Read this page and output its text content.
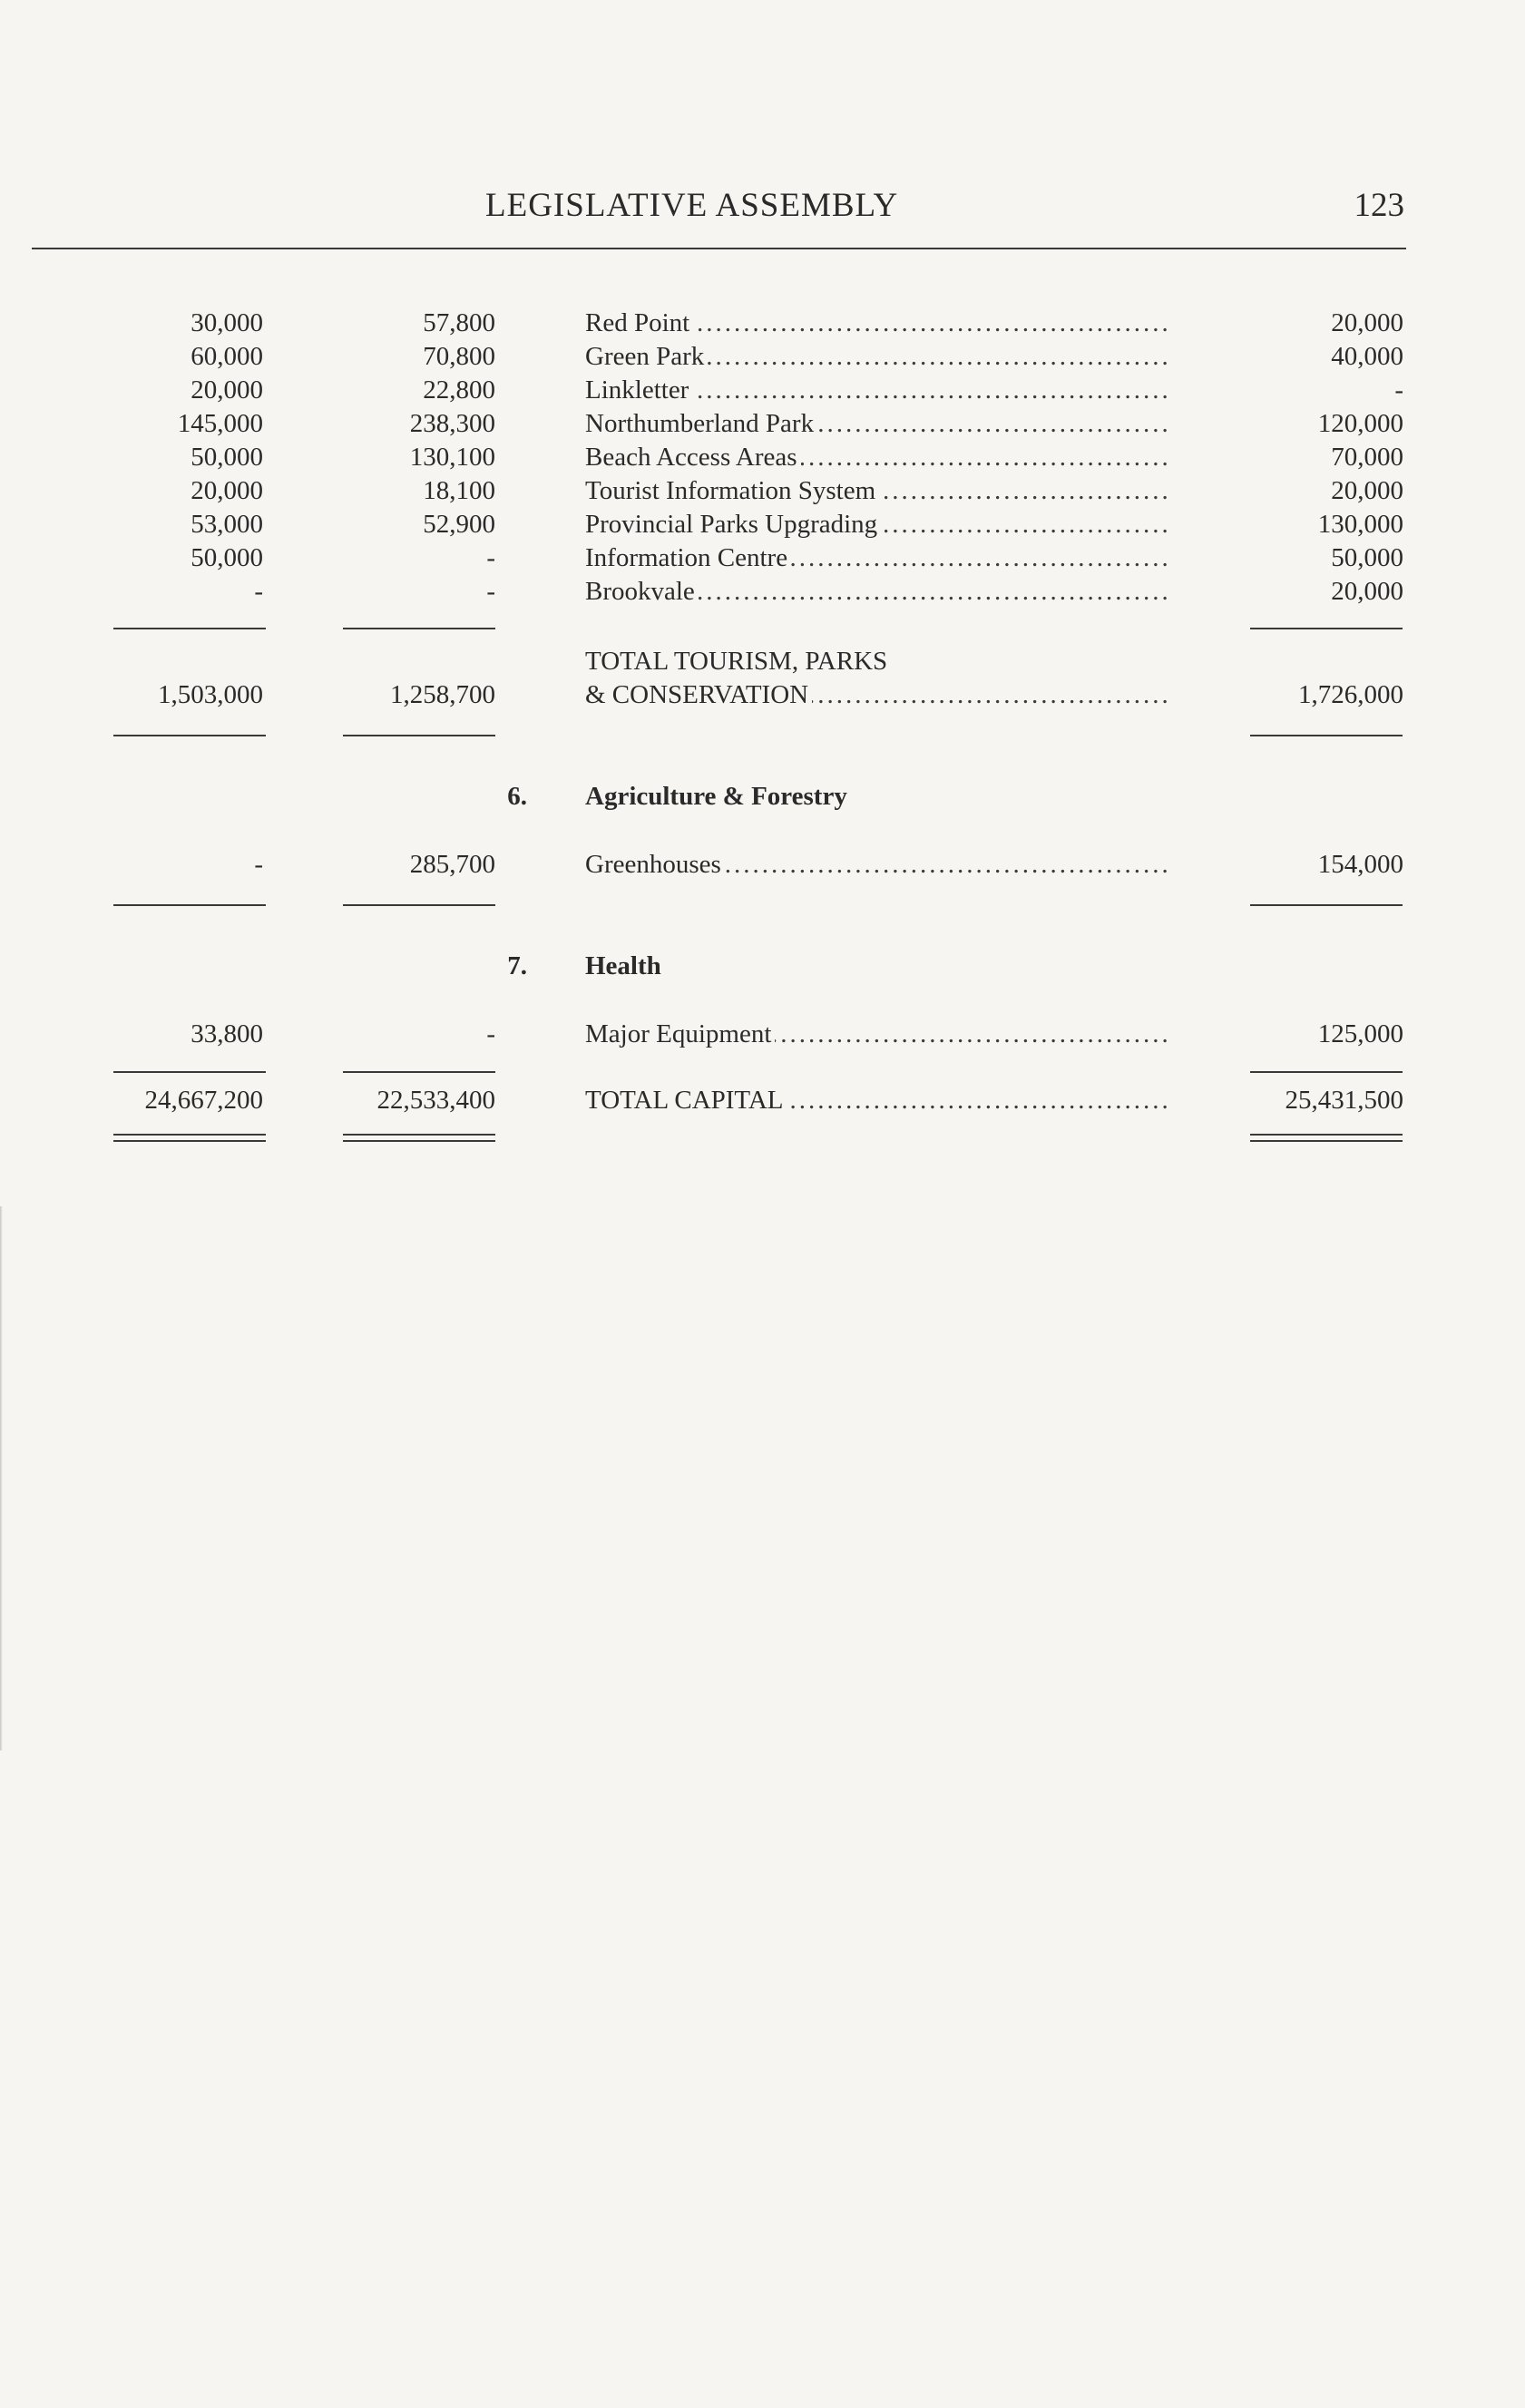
LEGISLATIVE ASSEMBLY	123
30,000	57,800	Red Point .....	20,000
60,000	70,800	Green Park .....	40,000
20,000	22,800	Linkletter .....	-
145,000	238,300	Northumberland Park .....	120,000
50,000	130,100	Beach Access Areas .....	70,000
20,000	18,100	Tourist Information System .....	20,000
53,000	52,900	Provincial Parks Upgrading .....	130,000
50,000	-	Information Centre .....	50,000
-	-	Brookvale .....	20,000
TOTAL TOURISM, PARKS
1,503,000	1,258,700	& CONSERVATION .....	1,726,000
6. Agriculture & Forestry
-	285,700	Greenhouses .....	154,000
7. Health
33,800	-	Major Equipment .....	125,000
24,667,200	22,533,400	TOTAL CAPITAL .....	25,431,500
